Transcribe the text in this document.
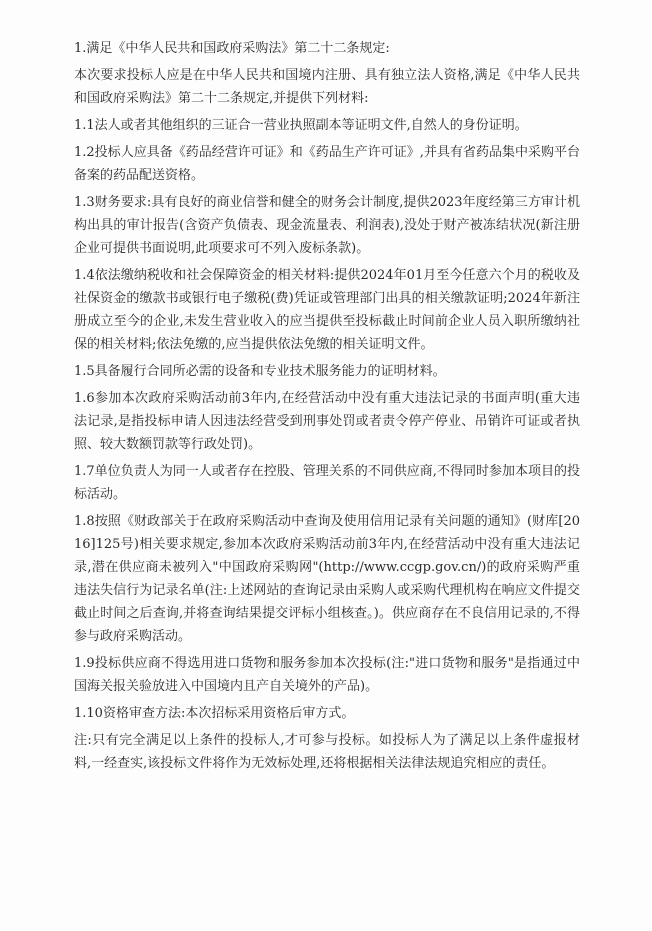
1.满足《中华人民共和国政府采购法》第二十二条规定:

本次要求投标人应是在中华人民共和国境内注册、具有独立法人资格,满足《中华人民共和国政府采购法》第二十二条规定,并提供下列材料:

1.1法人或者其他组织的三证合一营业执照副本等证明文件,自然人的身份证明。

1.2投标人应具备《药品经营许可证》和《药品生产许可证》,并具有省药品集中采购平台备案的药品配送资格。

1.3财务要求:具有良好的商业信誉和健全的财务会计制度,提供2023年度经第三方审计机构出具的审计报告(含资产负债表、现金流量表、利润表),没处于财产被冻结状况(新注册企业可提供书面说明,此项要求可不列入废标条款)。

1.4依法缴纳税收和社会保障资金的相关材料:提供2024年01月至今任意六个月的税收及社保资金的缴款书或银行电子缴税(费)凭证或管理部门出具的相关缴款证明;2024年新注册成立至今的企业,未发生营业收入的应当提供至投标截止时间前企业人员入职所缴纳社保的相关材料;依法免缴的,应当提供依法免缴的相关证明文件。

1.5具备履行合同所必需的设备和专业技术服务能力的证明材料。

1.6参加本次政府采购活动前3年内,在经营活动中没有重大违法记录的书面声明(重大违法记录,是指投标申请人因违法经营受到刑事处罚或者责令停产停业、吊销许可证或者执照、较大数额罚款等行政处罚)。

1.7单位负责人为同一人或者存在控股、管理关系的不同供应商,不得同时参加本项目的投标活动。

1.8按照《财政部关于在政府采购活动中查询及使用信用记录有关问题的通知》(财库[2016]125号)相关要求规定,参加本次政府采购活动前3年内,在经营活动中没有重大违法记录,潜在供应商未被列入"中国政府采购网"(http://www.ccgp.gov.cn/)的政府采购严重违法失信行为记录名单(注:上述网站的查询记录由采购人或采购代理机构在响应文件提交截止时间之后查询,并将查询结果提交评标小组核查。)。供应商存在不良信用记录的,不得参与政府采购活动。

1.9投标供应商不得选用进口货物和服务参加本次投标(注:"进口货物和服务"是指通过中国海关报关验放进入中国境内且产自关境外的产品)。

1.10资格审查方法:本次招标采用资格后审方式。

注:只有完全满足以上条件的投标人,才可参与投标。如投标人为了满足以上条件虚报材料,一经查实,该投标文件将作为无效标处理,还将根据相关法律法规追究相应的责任。
